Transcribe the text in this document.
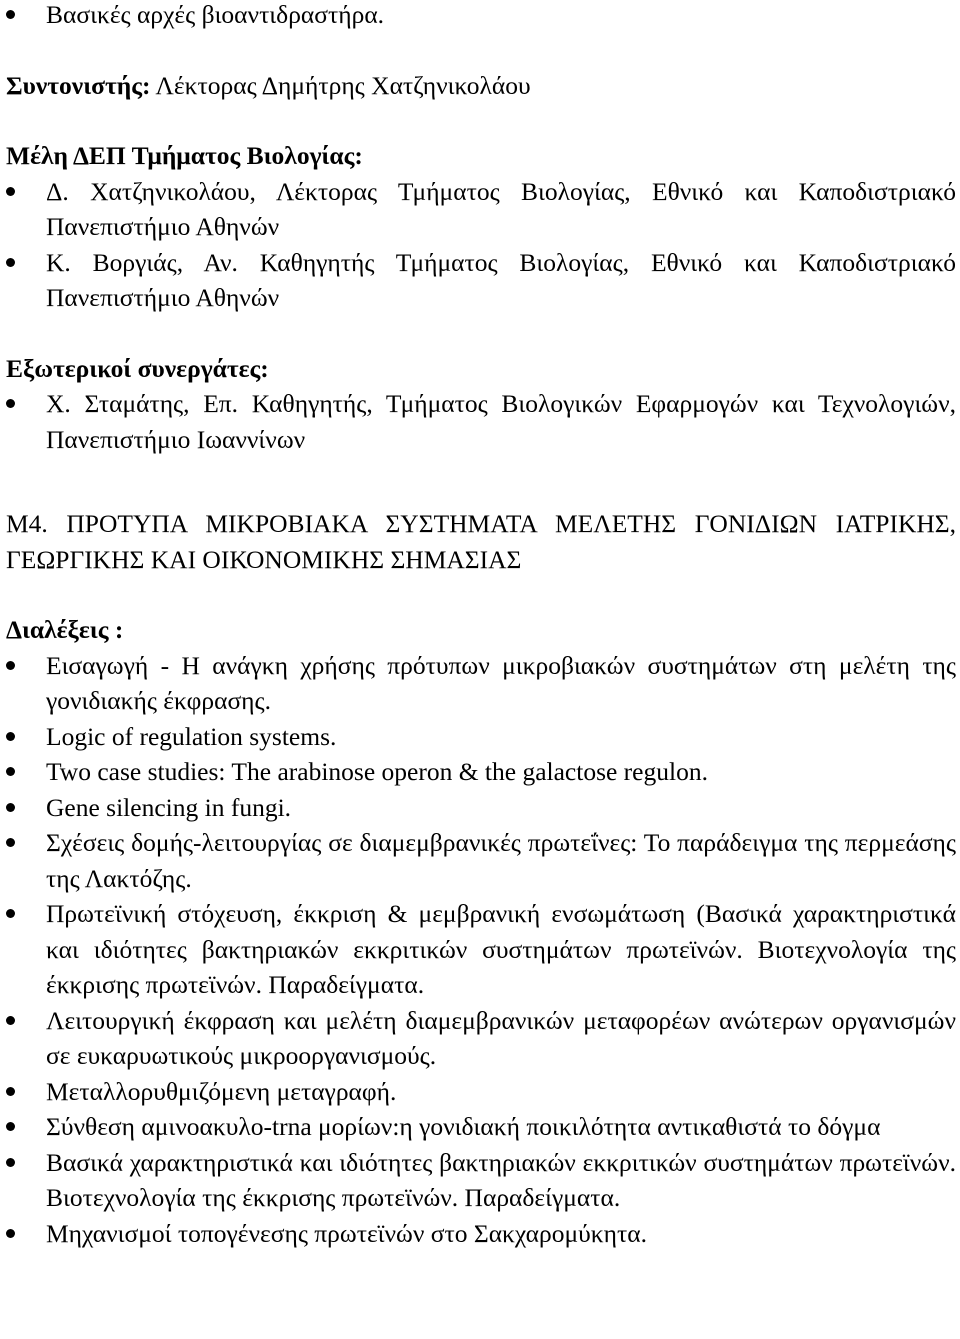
Βασικές αρχές βιοαντιδραστήρα.
Συντονιστής: Λέκτορας Δημήτρης Χατζηνικολάου
Μέλη ΔΕΠ Τμήματος Βιολογίας:
Δ. Χατζηνικολάου, Λέκτορας Τμήματος Βιολογίας, Εθνικό και Καποδιστριακό Πανεπιστήμιο Αθηνών
Κ. Βοργιάς, Αν. Καθηγητής Τμήματος Βιολογίας, Εθνικό και Καποδιστριακό Πανεπιστήμιο Αθηνών
Εξωτερικοί συνεργάτες:
Χ. Σταμάτης, Επ. Καθηγητής, Τμήματος Βιολογικών Εφαρμογών και Τεχνολογιών, Πανεπιστήμιο Ιωαννίνων
Μ4. ΠΡΟΤΥΠΑ ΜΙΚΡΟΒΙΑΚΑ ΣΥΣΤΗΜΑΤΑ ΜΕΛΕΤΗΣ ΓΟΝΙΔΙΩΝ ΙΑΤΡΙΚΗΣ, ΓΕΩΡΓΙΚΗΣ ΚΑΙ ΟΙΚΟΝΟΜΙΚΗΣ ΣΗΜΑΣΙΑΣ
Διαλέξεις :
Εισαγωγή - Η ανάγκη χρήσης πρότυπων μικροβιακών συστημάτων στη μελέτη της γονιδιακής έκφρασης.
Logic of regulation systems.
Two case studies: The arabinose operon & the galactose regulon.
Gene silencing in fungi.
Σχέσεις δομής-λειτουργίας σε διαμεμβρανικές πρωτεΐνες: Το παράδειγμα της περμεάσης της Λακτόζης.
Πρωτεϊνική στόχευση, έκκριση & μεμβρανική ενσωμάτωση (Βασικά χαρακτηριστικά και ιδιότητες βακτηριακών εκκριτικών συστημάτων πρωτεϊνών. Βιοτεχνολογία της έκκρισης πρωτεϊνών. Παραδείγματα.
Λειτουργική έκφραση και μελέτη διαμεμβρανικών μεταφορέων ανώτερων οργανισμών σε ευκαρυωτικούς μικροοργανισμούς.
Μεταλλορυθμιζόμενη μεταγραφή.
Σύνθεση αμινοακυλο-trna μορίων:η γονιδιακή ποικιλότητα αντικαθιστά το δόγμα
Βασικά χαρακτηριστικά και ιδιότητες βακτηριακών εκκριτικών συστημάτων πρωτεϊνών. Βιοτεχνολογία της έκκρισης πρωτεϊνών. Παραδείγματα.
Μηχανισμοί τοπογένεσης πρωτεϊνών στο Σακχαρομύκητα.
